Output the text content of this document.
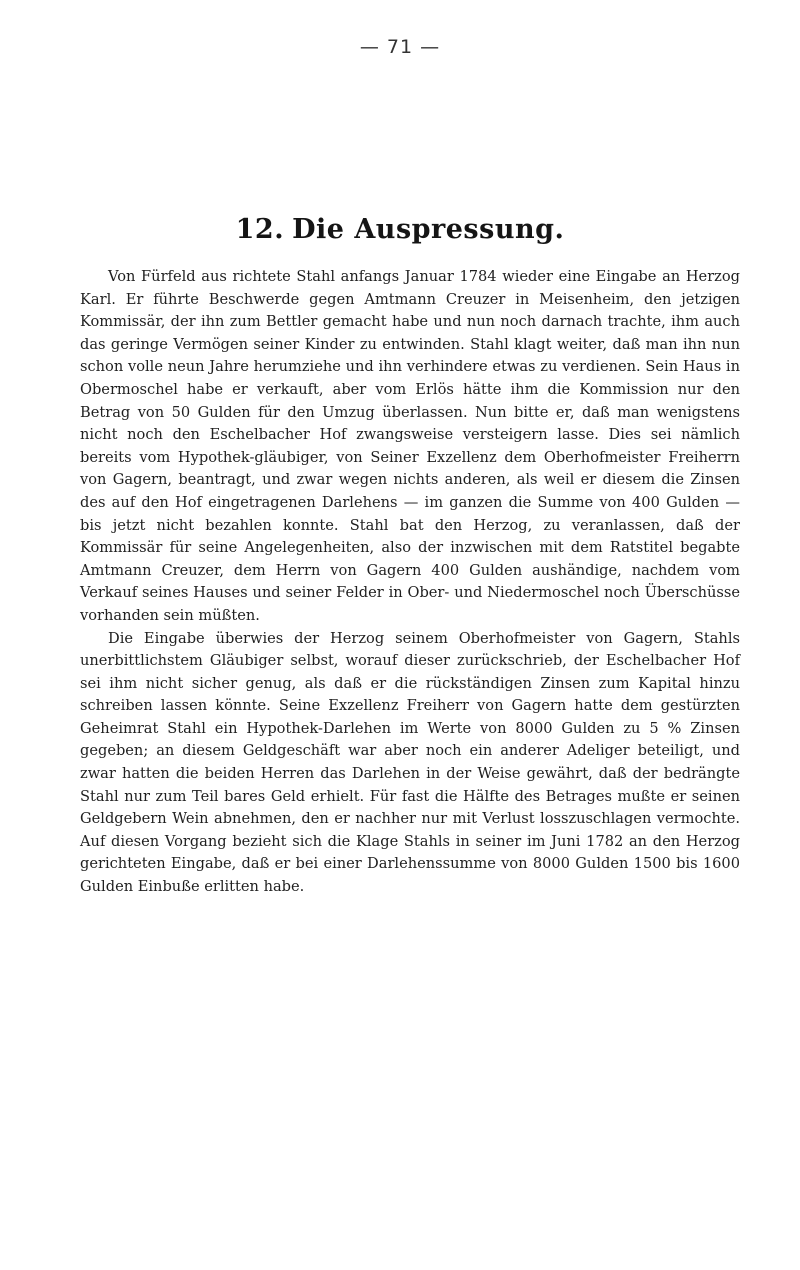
— 71 —
12. Die Auspressung.

Von Fürfeld aus richtete Stahl anfangs Januar 1784 wieder eine Eingabe an Herzog Karl. Er führte Beschwerde gegen Amtmann Creuzer in Meisenheim, den jetzigen Kommissär, der ihn zum Bettler gemacht habe und nun noch darnach trachte, ihm auch das geringe Vermögen seiner Kinder zu entwinden. Stahl klagt weiter, daß man ihn nun schon volle neun Jahre herumziehe und ihn verhindere etwas zu verdienen. Sein Haus in Obermoschel habe er verkauft, aber vom Erlös hätte ihm die Kommission nur den Betrag von 50 Gulden für den Umzug überlassen. Nun bitte er, daß man wenigstens nicht noch den Eschelbacher Hof zwangsweise versteigern lasse. Dies sei nämlich bereits vom Hypothek-gläubiger, von Seiner Exzellenz dem Oberhofmeister Freiherrn von Gagern, beantragt, und zwar wegen nichts anderen, als weil er diesem die Zinsen des auf den Hof eingetragenen Darlehens — im ganzen die Summe von 400 Gulden — bis jetzt nicht bezahlen konnte. Stahl bat den Herzog, zu veranlassen, daß der Kommissär für seine Angelegenheiten, also der inzwischen mit dem Ratstitel begabte Amtmann Creuzer, dem Herrn von Gagern 400 Gulden aushändige, nachdem vom Verkauf seines Hauses und seiner Felder in Ober- und Niedermoschel noch Überschüsse vorhanden sein müßten.

Die Eingabe überwies der Herzog seinem Oberhofmeister von Gagern, Stahls unerbittlichstem Gläubiger selbst, worauf dieser zurückschrieb, der Eschelbacher Hof sei ihm nicht sicher genug, als daß er die rückständigen Zinsen zum Kapital hinzu schreiben lassen könnte. Seine Exzellenz Freiherr von Gagern hatte dem gestürzten Geheimrat Stahl ein Hypothek-Darlehen im Werte von 8000 Gulden zu 5 % Zinsen gegeben; an diesem Geldgeschäft war aber noch ein anderer Adeliger beteiligt, und zwar hatten die beiden Herren das Darlehen in der Weise gewährt, daß der bedrängte Stahl nur zum Teil bares Geld erhielt. Für fast die Hälfte des Betrages mußte er seinen Geldgebern Wein abnehmen, den er nachher nur mit Verlust losszuschlagen vermochte. Auf diesen Vorgang bezieht sich die Klage Stahls in seiner im Juni 1782 an den Herzog gerichteten Eingabe, daß er bei einer Darlehenssumme von 8000 Gulden 1500 bis 1600 Gulden Einbuße erlitten habe.
